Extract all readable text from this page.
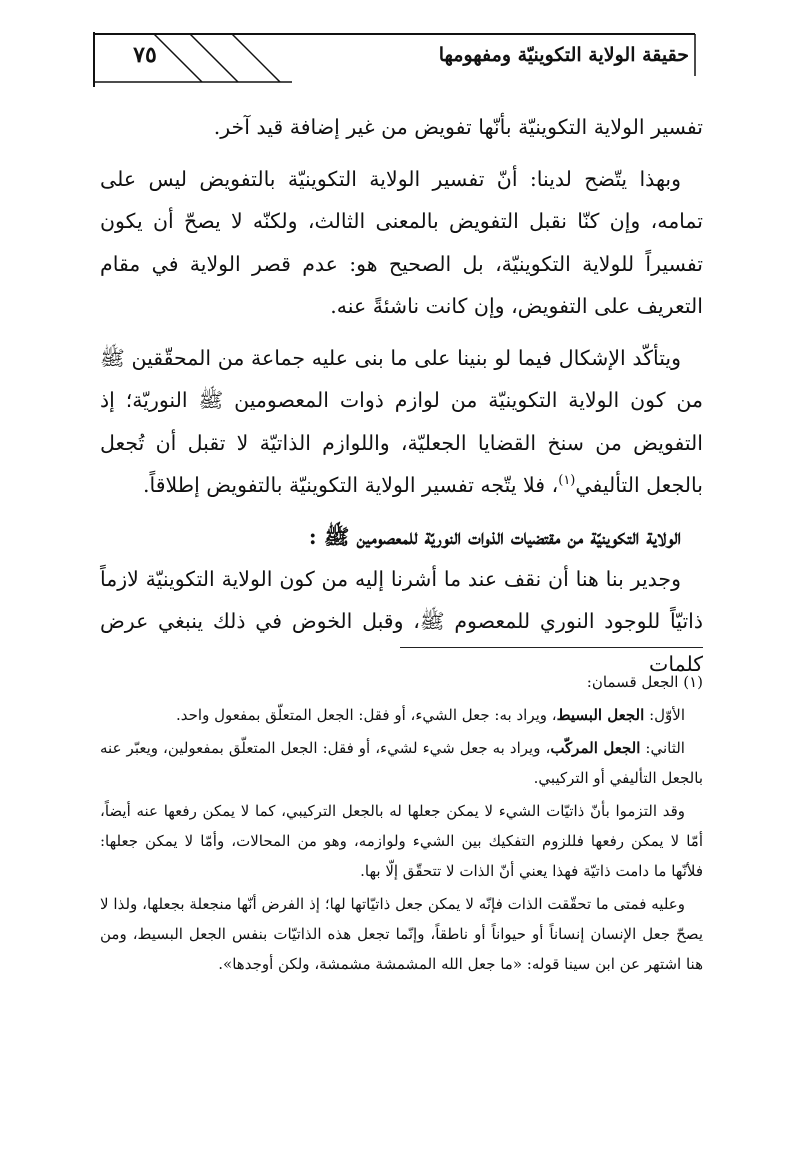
٧٥	حقيقة الولاية التكوينيّة ومفهومها

تفسير الولاية التكوينيّة بأنّها تفويض من غير إضافة قيد آخر.

وبهذا يتّضح لدينا: أنّ تفسير الولاية التكوينيّة بالتفويض ليس على تمامه، وإن كنّا نقبل التفويض بالمعنى الثالث، ولكنّه لا يصحّ أن يكون تفسيراً للولاية التكوينيّة، بل الصحيح هو: عدم قصر الولاية في مقام التعريف على التفويض، وإن كانت ناشئةً عنه.

ويتأكّد الإشكال فيما لو بنينا على ما بنى عليه جماعة من المحقّقين ﷺ من كون الولاية التكوينيّة من لوازم ذوات المعصومين ﷺ النوريّة؛ إذ التفويض من سنخ القضايا الجعليّة، واللوازم الذاتيّة لا تقبل أن تُجعل بالجعل التأليفي$^{(١)}$، فلا يتّجه تفسير الولاية التكوينيّة بالتفويض إطلاقاً.

الولاية التكوينيّة من مقتضيات الذوات النوريّة للمعصومين ﷺ :

وجدير بنا هنا أن نقف عند ما أشرنا إليه من كون الولاية التكوينيّة لازماً ذاتيّاً للوجود النوري للمعصوم ﷺ، وقبل الخوض في ذلك ينبغي عرض كلمات

(١) الجعل قسمان:

الأوّل: الجعل البسيط، ويراد به: جعل الشيء، أو فقل: الجعل المتعلّق بمفعول واحد.

الثاني: الجعل المركّب، ويراد به جعل شيء لشيء، أو فقل: الجعل المتعلّق بمفعولين، ويعبّر عنه بالجعل التأليفي أو التركيبي.

وقد التزموا بأنّ ذاتيّات الشيء لا يمكن جعلها له بالجعل التركيبي، كما لا يمكن رفعها عنه أيضاً، أمّا لا يمكن رفعها فللزوم التفكيك بين الشيء ولوازمه، وهو من المحالات، وأمّا لا يمكن جعلها: فلأنّها ما دامت ذاتيّة فهذا يعني أنّ الذات لا تتحقّق إلّا بها.

وعليه فمتى ما تحقّقت الذات فإنّه لا يمكن جعل ذاتيّاتها لها؛ إذ الفرض أنّها منجعلة بجعلها، ولذا لا يصحّ جعل الإنسان إنساناً أو حيواناً أو ناطقاً، وإنّما تجعل هذه الذاتيّات بنفس الجعل البسيط، ومن هنا اشتهر عن ابن سينا قوله: «ما جعل الله المشمشة مشمشة، ولكن أوجدها».
